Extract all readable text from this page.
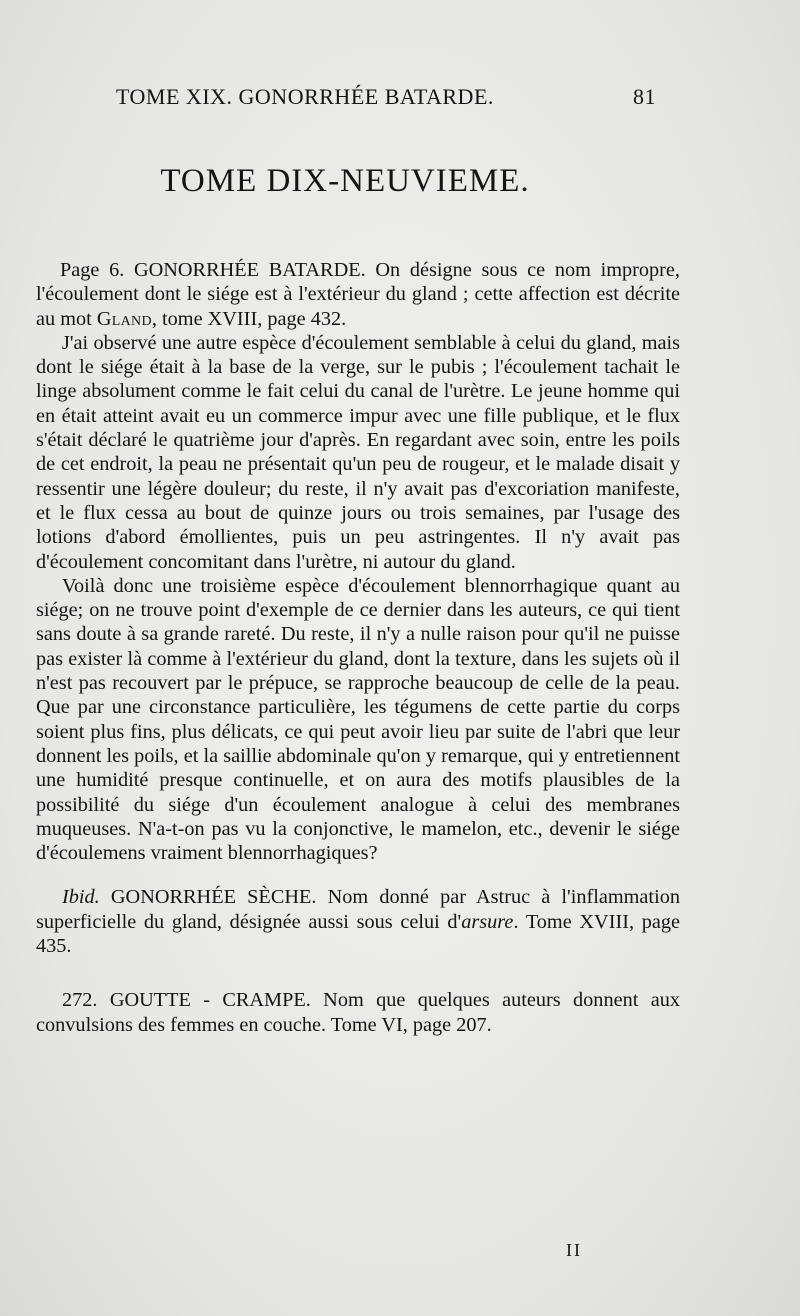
TOME XIX. GONORRHÉE BATARDE.	81
TOME DIX-NEUVIEME.

Page 6. GONORRHÉE BATARDE. On désigne sous ce nom impropre, l'écoulement dont le siége est à l'extérieur du gland ; cette affection est décrite au mot Gland, tome XVIII, page 432.

J'ai observé une autre espèce d'écoulement semblable à celui du gland, mais dont le siége était à la base de la verge, sur le pubis ; l'écoulement tachait le linge absolument comme le fait celui du canal de l'urètre. Le jeune homme qui en était atteint avait eu un commerce impur avec une fille publique, et le flux s'était déclaré le quatrième jour d'après. En regardant avec soin, entre les poils de cet endroit, la peau ne présentait qu'un peu de rougeur, et le malade disait y ressentir une légère douleur; du reste, il n'y avait pas d'excoriation manifeste, et le flux cessa au bout de quinze jours ou trois semaines, par l'usage des lotions d'abord émollientes, puis un peu astringentes. Il n'y avait pas d'écoulement concomitant dans l'urètre, ni autour du gland.

Voilà donc une troisième espèce d'écoulement blennorrhagique quant au siége; on ne trouve point d'exemple de ce dernier dans les auteurs, ce qui tient sans doute à sa grande rareté. Du reste, il n'y a nulle raison pour qu'il ne puisse pas exister là comme à l'extérieur du gland, dont la texture, dans les sujets où il n'est pas recouvert par le prépuce, se rapproche beaucoup de celle de la peau. Que par une circonstance particulière, les tégumens de cette partie du corps soient plus fins, plus délicats, ce qui peut avoir lieu par suite de l'abri que leur donnent les poils, et la saillie abdominale qu'on y remarque, qui y entretiennent une humidité presque continuelle, et on aura des motifs plausibles de la possibilité du siége d'un écoulement analogue à celui des membranes muqueuses. N'a-t-on pas vu la conjonctive, le mamelon, etc., devenir le siége d'écoulemens vraiment blennorrhagiques?

Ibid. GONORRHÉE SÈCHE. Nom donné par Astruc à l'inflammation superficielle du gland, désignée aussi sous celui d'arsure. Tome XVIII, page 435.

272. GOUTTE - CRAMPE. Nom que quelques auteurs donnent aux convulsions des femmes en couche. Tome VI, page 207.

II
